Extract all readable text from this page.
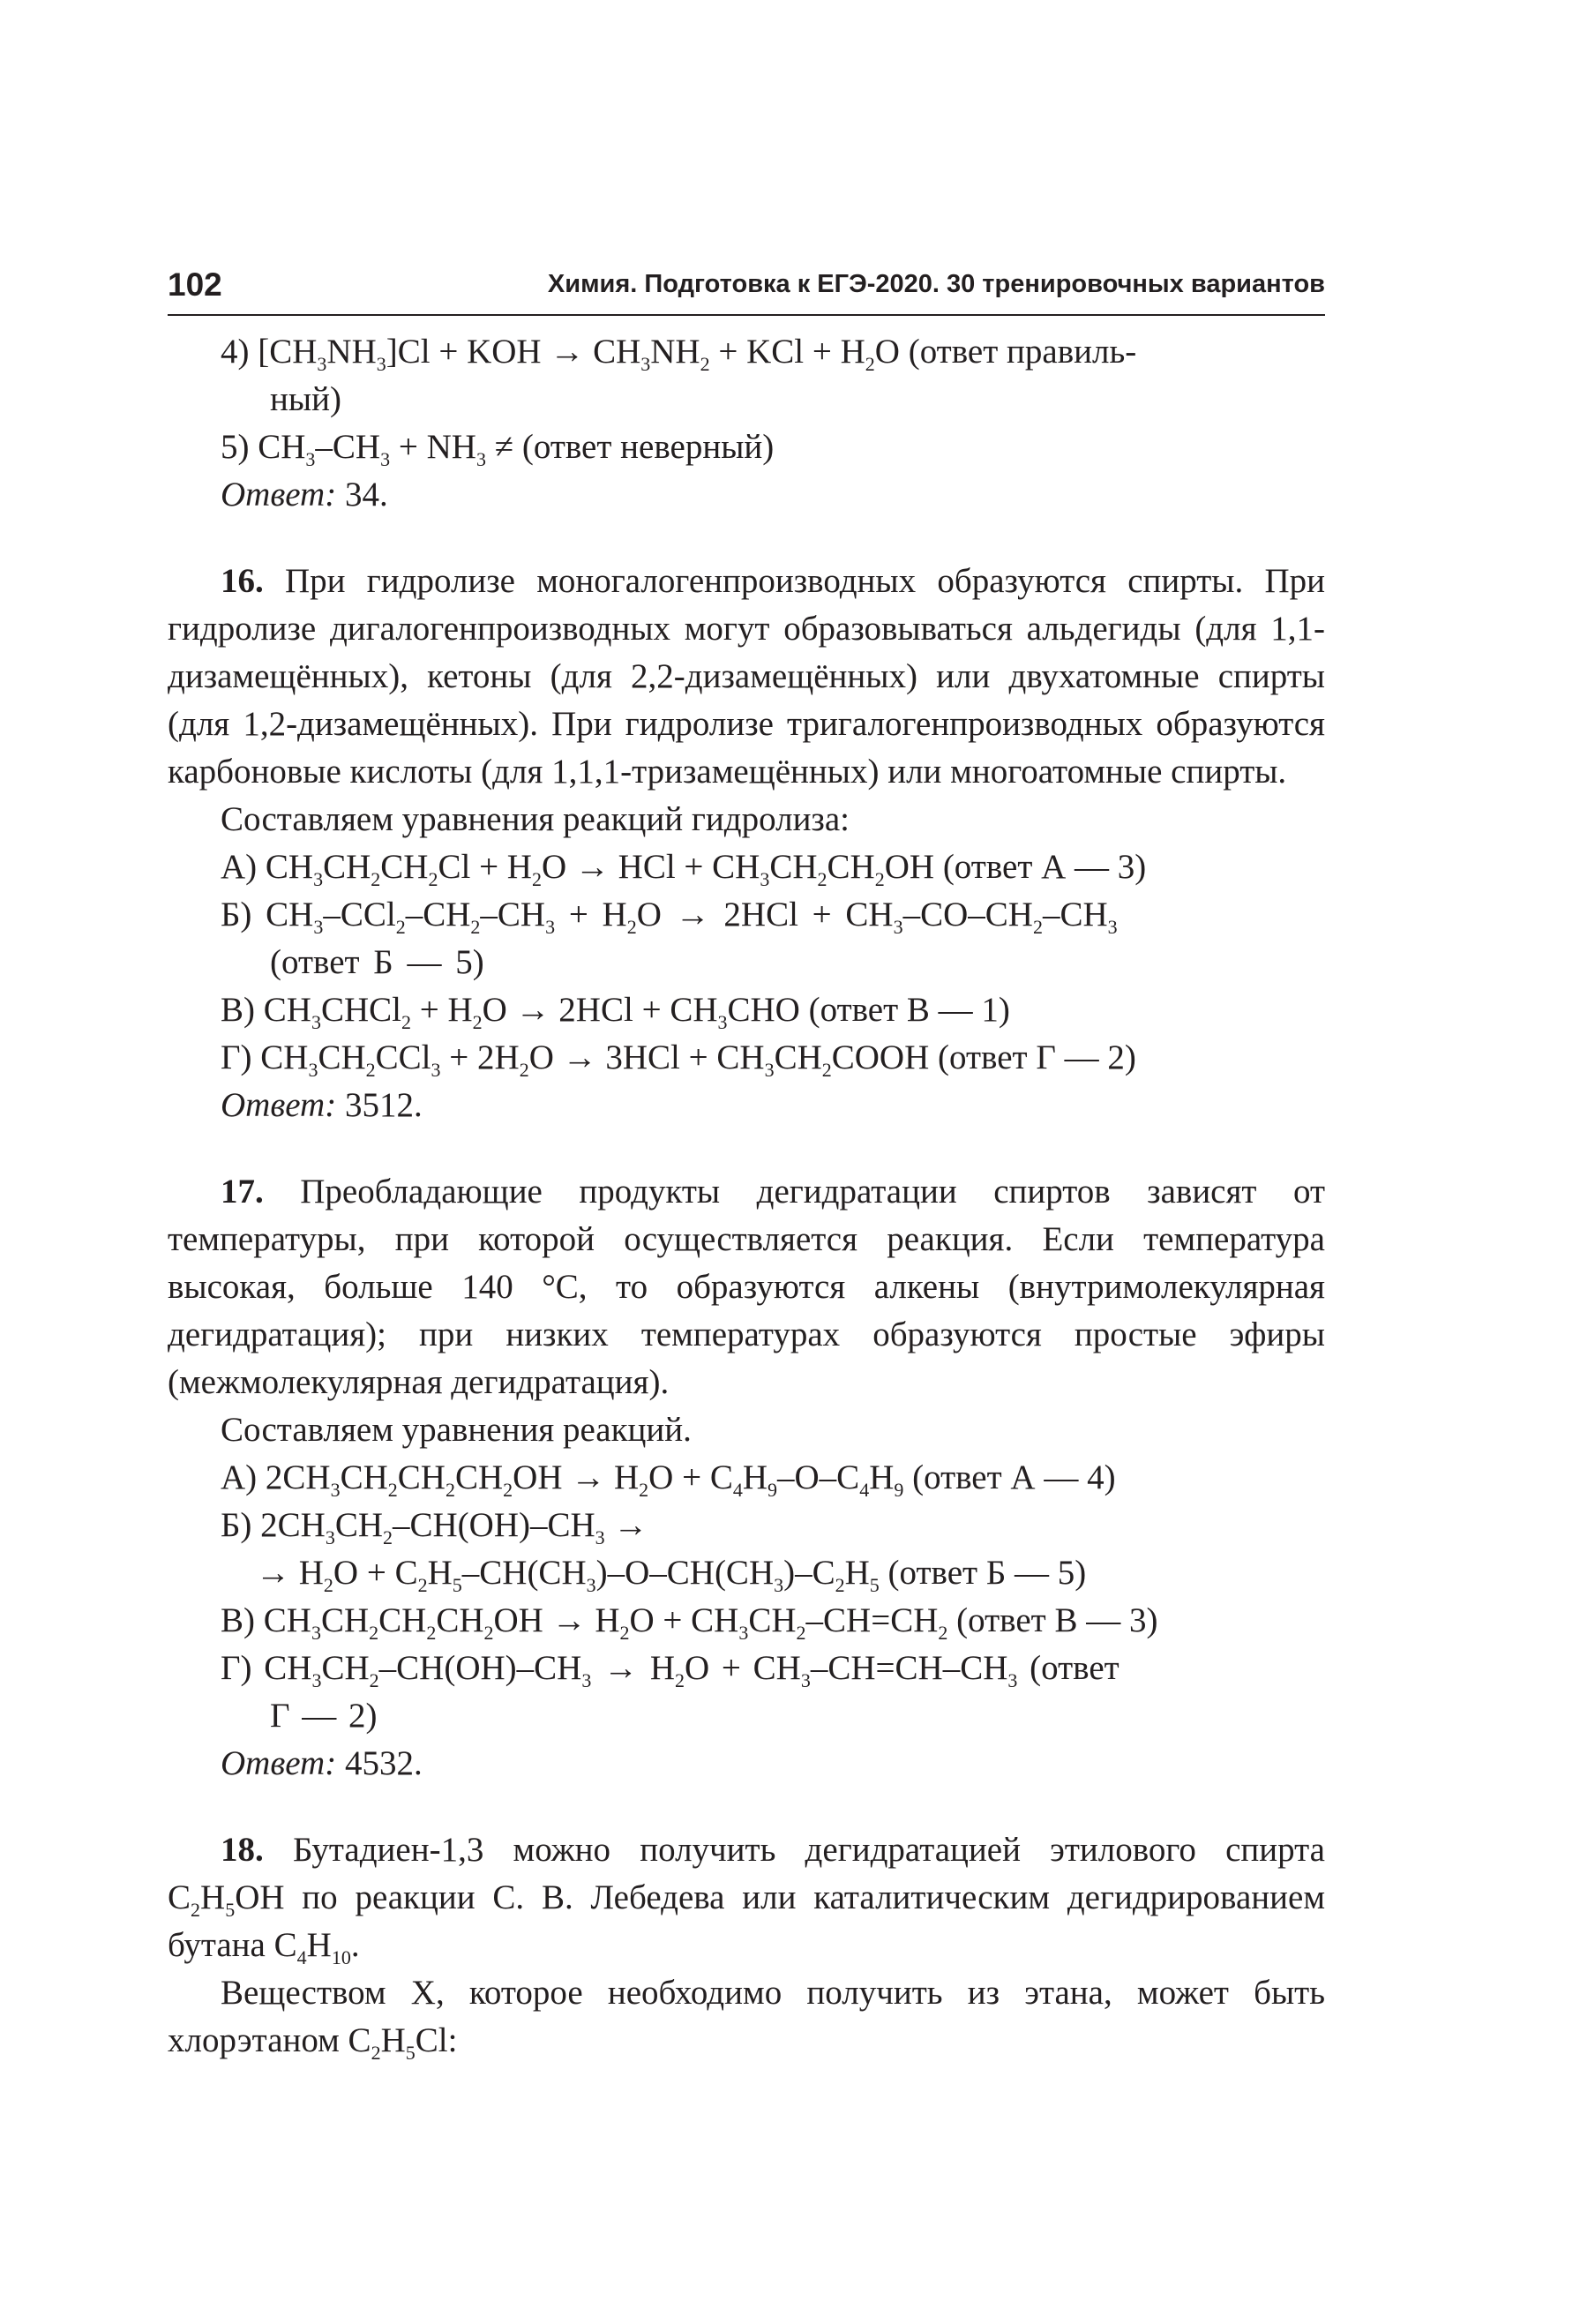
102	Химия. Подготовка к ЕГЭ-2020. 30 тренировочных вариантов

4) $[CH_3NH_3]Cl$ + KOH → $CH_3NH_2$ + KCl + $H_2O$ (ответ правиль-
ный)

5) $CH_3-CH_3 + NH_3$ ≠ (ответ неверный)

Ответ: 34.

16. При гидролизе моногалогенпроизводных образуются спирты. При гидролизе дигалогенпроизводных могут образовываться альдегиды (для 1,1-дизамещённых), кетоны (для 2,2-дизамещённых) или двухатомные спирты (для 1,2-дизамещённых). При гидролизе тригалогенпроизводных образуются карбоновые кислоты (для 1,1,1-тризамещённых) или многоатомные спирты.

Составляем уравнения реакций гидролиза:

А) $CH_3CH_2CH_2Cl + H_2O$ → HCl + $CH_3CH_2CH_2OH$ (ответ А — 3)

Б) $CH_3-CCl_2-CH_2-CH_3 + H_2O \to 2HCl + CH_3-CO-CH_2-CH_3$
(ответ Б — 5)

В) $CH_3CHCl_2 + H_2O \to 2HCl + CH_3CHO$ (ответ В — 1)

Г) $CH_3CH_2CCl_3 + 2H_2O \to 3HCl$ + $CH_3CH_2COOH$ (ответ Г — 2)

Ответ: 3512.

17. Преобладающие продукты дегидратации спиртов зависят от температуры, при которой осуществляется реакция. Если температура высокая, больше 140 °С, то образуются алкены (внутримолекулярная дегидратация); при низких температурах образуются простые эфиры (межмолекулярная дегидратация).

Составляем уравнения реакций.

А) $2CH_3CH_2CH_2CH_2OH \to H_2O + C_4H_9-O-C_4H_9$ (ответ А — 4)

Б) $2CH_3CH_2-CH(OH)-CH_3$ →

→ $H_2O + C_2H_5-CH(CH_3)-O-CH(CH_3)-C_2H_5$ (ответ Б — 5)

В) $CH_3CH_2CH_2CH_2OH \to H_2O + CH_3CH_2-CH=CH_2$ (ответ В — 3)

Г) $CH_3CH_2-CH(OH)-CH_3 \to H_2O + CH_3-CH=CH-CH_3$ (ответ
Г — 2)

Ответ: 4532.

18. Бутадиен-1,3 можно получить дегидратацией этилового спирта $C_2H_5OH$ по реакции С. В. Лебедева или каталитическим дегидрированием бутана $C_4H_{10}$.

Веществом X, которое необходимо получить из этана, может быть хлорэтаном $C_2H_5Cl$:
